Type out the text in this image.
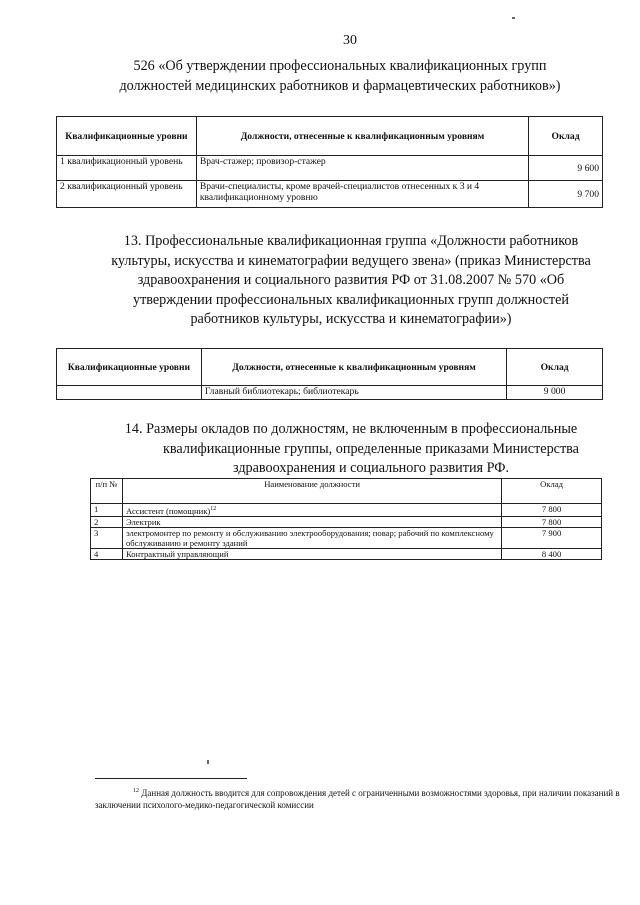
30
526 «Об утверждении профессиональных квалификационных групп
должностей медицинских работников и фармацевтических работников»)
Квалификационные уровни	Должности, отнесенные к квалификационным уровням	Оклад
1 квалификационный уровень	Врач-стажер; провизор-стажер	9 600
2 квалификационный уровень	Врачи-специалисты, кроме врачей-специалистов отнесенных к 3 и 4 квалификационному уровню	9 700
13. Профессиональные квалификационная группа «Должности работников
культуры, искусства и кинематографии ведущего звена» (приказ Министерства
здравоохранения и социального развития РФ от 31.08.2007 № 570 «Об
утверждении профессиональных квалификационных групп должностей
работников культуры, искусства и кинематографии»)
Квалификационные уровни	Должности, отнесенные к квалификационным уровням	Оклад
	Главный библиотекарь; библиотекарь	9 000
14. Размеры окладов по должностям, не включенным в профессиональные
квалификационные группы, определенные приказами Министерства
здравоохранения и социального развития РФ.
п/п №	Наименование должности	Оклад
1	Ассистент (помощник)$^{12}$	7 800
2	Электрик	7 800
3	электромонтер по ремонту и обслуживанию электрооборудования; повар; рабочий по комплексному обслуживанию и ремонту зданий	7 900
4	Контрактный управляющий	8 400
$^{12}$ Данная должность вводится для сопровождения детей с ограниченными возможностями здоровья, при наличии показаний в заключении психолого-медико-педагогической комиссии
